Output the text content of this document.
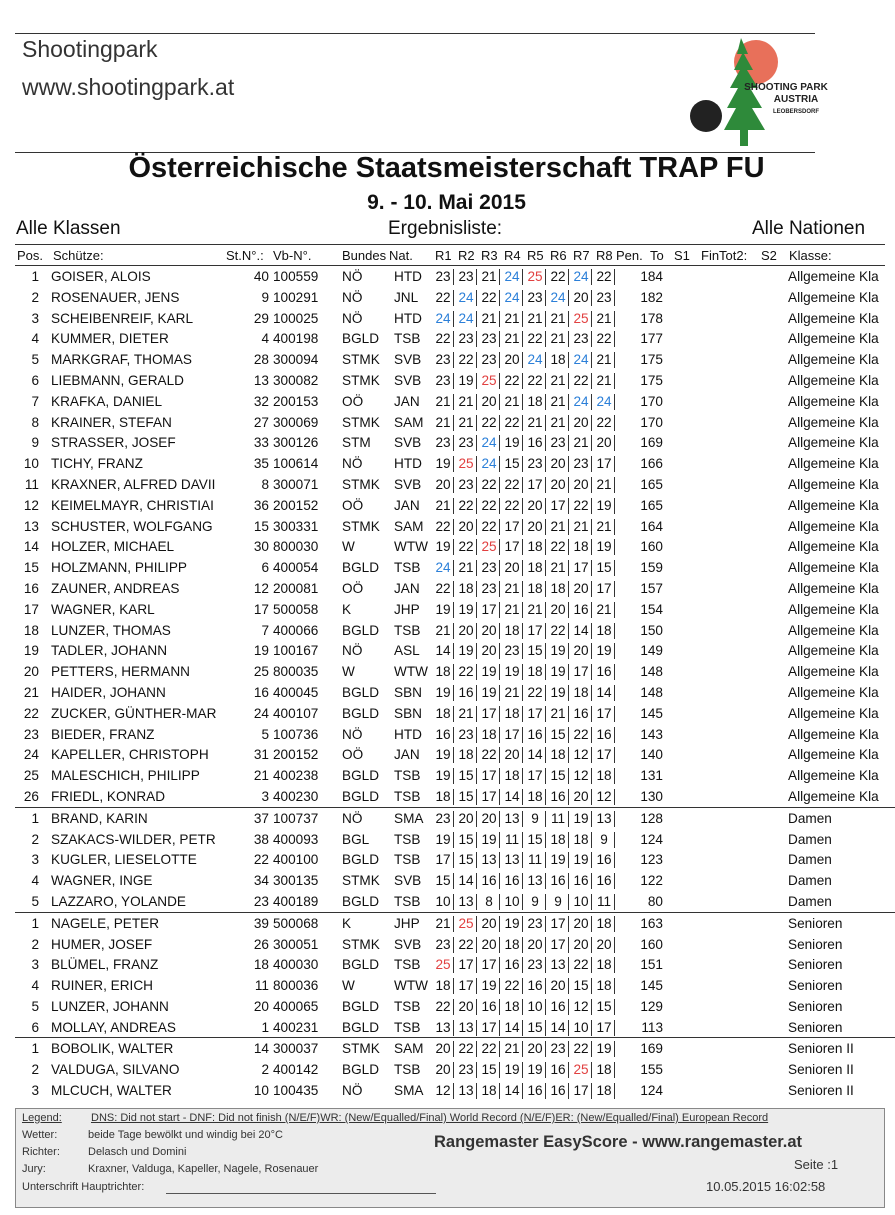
Shootingpark
www.shootingpark.at	SHOOTING PARK
AUSTRIA
LEOBERSDORF
Österreichische Staatsmeisterschaft TRAP FU
9. - 10. Mai 2015
Alle Klassen	Ergebnisliste:	Alle Nationen
Pos. Schütze:	St.N°.: Vb-N°. Bundes Nat. R1 R2 R3 R4 R5 R6 R7 R8 Pen. To S1 FinTot2: S2 Klasse:
1 GOISER, ALOIS	40 100559 NÖ HTD 23 23 21 24 25 22 24 22	184	Allgemeine Kla
2 ROSENAUER, JENS	9 100291 NÖ JNL 22 24 22 24 23 24 20 23	182	Allgemeine Kla
3 SCHEIBENREIF, KARL	29 100025 NÖ HTD 24 24 21 21 21 21 25 21	178	Allgemeine Kla
4 KUMMER, DIETER	4 400198 BGLD TSB 22 23 23 21 22 21 23 22	177	Allgemeine Kla
5 MARKGRAF, THOMAS	28 300094 STMK SVB 23 22 23 20 24 18 24 21	175	Allgemeine Kla
6 LIEBMANN, GERALD	13 300082 STMK SVB 23 19 25 22 22 21 22 21	175	Allgemeine Kla
7 KRAFKA, DANIEL	32 200153 OÖ JAN 21 21 20 21 18 21 24 24	170	Allgemeine Kla
8 KRAINER, STEFAN	27 300069 STMK SAM 21 21 22 22 21 21 20 22	170	Allgemeine Kla
9 STRASSER, JOSEF	33 300126 STM SVB 23 23 24 19 16 23 21 20	169	Allgemeine Kla
10 TICHY, FRANZ	35 100614 NÖ HTD 19 25 24 15 23 20 23 17	166	Allgemeine Kla
11 KRAXNER, ALFRED DAVII	8 300071 STMK SVB 20 23 22 22 17 20 20 21	165	Allgemeine Kla
12 KEIMELMAYR, CHRISTIAI	36 200152 OÖ JAN 21 22 22 22 20 17 22 19	165	Allgemeine Kla
13 SCHUSTER, WOLFGANG	15 300331 STMK SAM 22 20 22 17 20 21 21 21	164	Allgemeine Kla
14 HOLZER, MICHAEL	30 800030 W	WTW 19 22 25 17 18 22 18 19	160	Allgemeine Kla
15 HOLZMANN, PHILIPP	6 400054 BGLD TSB 24 21 23 20 18 21 17 15	159	Allgemeine Kla
16 ZAUNER, ANDREAS	12 200081 OÖ JAN 22 18 23 21 18 18 20 17	157	Allgemeine Kla
17 WAGNER, KARL	17 500058 K	JHP 19 19 17 21 21 20 16 21	154	Allgemeine Kla
18 LUNZER, THOMAS	7 400066 BGLD TSB 21 20 20 18 17 22 14 18	150	Allgemeine Kla
19 TADLER, JOHANN	19 100167 NÖ ASL 14 19 20 23 15 19 20 19	149	Allgemeine Kla
20 PETTERS, HERMANN	25 800035 W	WTW 18 22 19 19 18 19 17 16	148	Allgemeine Kla
21 HAIDER, JOHANN	16 400045 BGLD SBN 19 16 19 21 22 19 18 14	148	Allgemeine Kla
22 ZUCKER, GÜNTHER-MAR	24 400107 BGLD SBN 18 21 17 18 17 21 16 17	145	Allgemeine Kla
23 BIEDER, FRANZ	5 100736 NÖ HTD 16 23 18 17 16 15 22 16	143	Allgemeine Kla
24 KAPELLER, CHRISTOPH	31 200152 OÖ JAN 19 18 22 20 14 18 12 17	140	Allgemeine Kla
25 MALESCHICH, PHILIPP	21 400238 BGLD TSB 19 15 17 18 17 15 12 18	131	Allgemeine Kla
26 FRIEDL, KONRAD	3 400230 BGLD TSB 18 15 17 14 18 16 20 12	130	Allgemeine Kla
1 BRAND, KARIN	37 100737 NÖ SMA 23 20 20 13 9 11 19 13	128	Damen
2 SZAKACS-WILDER, PETR	38 400093 BGL TSB 19 15 19 11 15 18 18 9	124	Damen
3 KUGLER, LIESELOTTE	22 400100 BGLD TSB 17 15 13 13 11 19 19 16	123	Damen
4 WAGNER, INGE	34 300135 STMK SVB 15 14 16 16 13 16 16 16	122	Damen
5 LAZZARO, YOLANDE	23 400189 BGLD TSB 10 13 8 10 9	9 10 11	80	Damen
1 NAGELE, PETER	39 500068 K	JHP 21 25 20 19 23 17 20 18	163	Senioren
2 HUMER, JOSEF	26 300051 STMK SVB 23 22 20 18 20 17 20 20	160	Senioren
3 BLÜMEL, FRANZ	18 400030 BGLD TSB 25 17 17 16 23 13 22 18	151	Senioren
4 RUINER, ERICH	11 800036 W	WTW 18 17 19 22 16 20 15 18	145	Senioren
5 LUNZER, JOHANN	20 400065 BGLD TSB 22 20 16 18 10 16 12 15	129	Senioren
6 MOLLAY, ANDREAS	1 400231 BGLD TSB 13 13 17 14 15 14 10 17	113	Senioren
1 BOBOLIK, WALTER	14 300037 STMK SAM 20 22 22 21 20 23 22 19	169	Senioren II
2 VALDUGA, SILVANO	2 400142 BGLD TSB 20 23 15 19 19 16 25 18	155	Senioren II
3 MLCUCH, WALTER	10 100435 NÖ SMA 12 13 18 14 16 16 17 18	124	Senioren II
Legend:	DNS: Did not start - DNF: Did not finish (N/E/F)WR: (New/Equalled/Final) World Record (N/E/F)ER: (New/Equalled/Final) European Record
Wetter:	beide Tage bewölkt und windig bei 20°C
Richter:	Delasch und Domini
Jury:	Kraxner, Valduga, Kapeller, Nagele, Rosenauer
Unterschrift Hauptrichter:
Rangemaster EasyScore - www.rangemaster.at
Seite :1
10.05.2015 16:02:58
